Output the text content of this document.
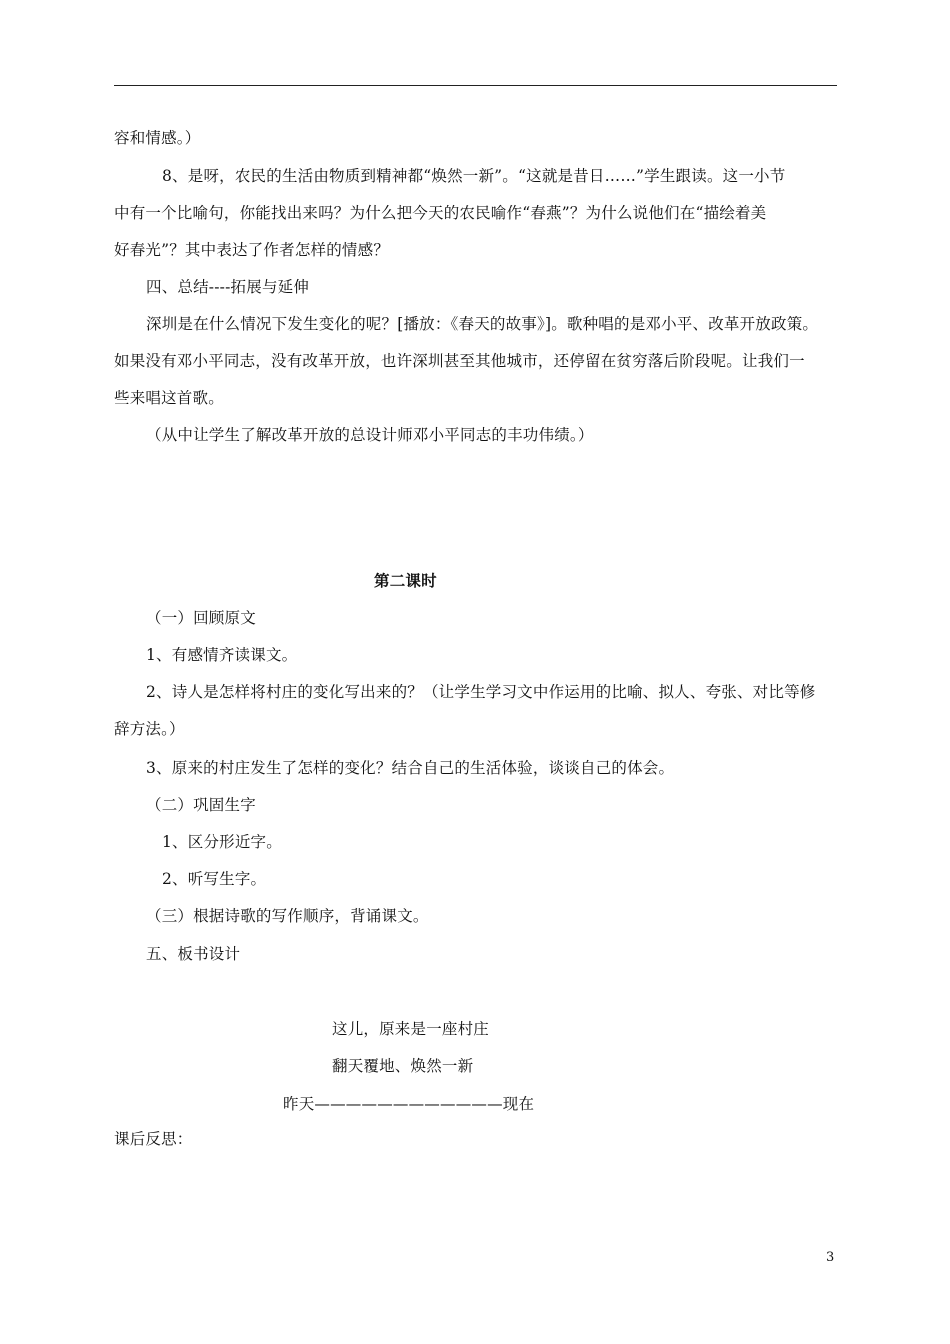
容和情感。）
8、是呀，农民的生活由物质到精神都“焕然一新”。“这就是昔日……”学生跟读。这一小节
中有一个比喻句，你能找出来吗？为什么把今天的农民喻作“春燕”？为什么说他们在“描绘着美
好春光”？其中表达了作者怎样的情感？
四、总结----拓展与延伸
深圳是在什么情况下发生变化的呢？[播放：《春天的故事》]。歌种唱的是邓小平、改革开放政策。
如果没有邓小平同志，没有改革开放，也许深圳甚至其他城市，还停留在贫穷落后阶段呢。让我们一
些来唱这首歌。
（从中让学生了解改革开放的总设计师邓小平同志的丰功伟绩。）
第二课时
（一）回顾原文
1、有感情齐读课文。
2、诗人是怎样将村庄的变化写出来的？（让学生学习文中作运用的比喻、拟人、夸张、对比等修
辞方法。）
3、原来的村庄发生了怎样的变化？结合自己的生活体验，谈谈自己的体会。
（二）巩固生字
1、区分形近字。
2、听写生字。
（三）根据诗歌的写作顺序，背诵课文。
五、板书设计
这儿，原来是一座村庄
翻天覆地、焕然一新
昨天————————————现在
课后反思：
3
